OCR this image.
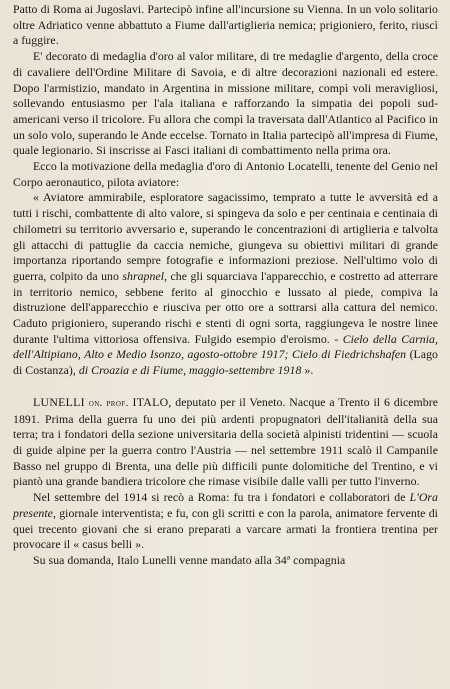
Patto di Roma ai Jugoslavi. Partecipò infine all'incursione su Vienna. In un volo solitario oltre Adriatico venne abbattuto a Fiume dall'artiglieria nemica; prigioniero, ferito, riuscì a fuggire.

E' decorato di medaglia d'oro al valor militare, di tre medaglie d'argento, della croce di cavaliere dell'Ordine Militare di Savoia, e di altre decorazioni nazionali ed estere. Dopo l'armistizio, mandato in Argentina in missione militare, compì voli meravigliosi, sollevando entusiasmo per l'ala italiana e rafforzando la simpatia dei popoli sud-americani verso il tricolore. Fu allora che compì la traversata dall'Atlantico al Pacifico in un solo volo, superando le Ande eccelse. Tornato in Italia partecipò all'impresa di Fiume, quale legionario. Si inscrisse ai Fasci italiani di combattimento nella prima ora.

Ecco la motivazione della medaglia d'oro di Antonio Locatelli, tenente del Genio nel Corpo aeronautico, pilota aviatore:

« Aviatore ammirabile, esploratore sagacissimo, temprato a tutte le avversità ed a tutti i rischi, combattente di alto valore, si spingeva da solo e per centinaia e centinaia di chilometri su territorio avversario e, superando le concentrazioni di artiglieria e talvolta gli attacchi di pattuglie da caccia nemiche, giungeva su obiettivi militari di grande importanza riportando sempre fotografie e informazioni preziose. Nell'ultimo volo di guerra, colpito da uno shrapnel, che gli squarciava l'apparecchio, e costretto ad atterrare in territorio nemico, sebbene ferito al ginocchio e lussato al piede, compiva la distruzione dell'apparecchio e riusciva per otto ore a sottrarsi alla cattura del nemico. Caduto prigioniero, superando rischi e stenti di ogni sorta, raggiungeva le nostre linee durante l'ultima vittoriosa offensiva. Fulgido esempio d'eroismo. - Cielo della Carnia, dell'Altipiano, Alto e Medio Isonzo, agosto-ottobre 1917; Cielo di Fiedrichshafen (Lago di Costanza), di Croazia e di Fiume, maggio-settembre 1918 ».

LUNELLI on. prof. ITALO, deputato per il Veneto. Nacque a Trento il 6 dicembre 1891. Prima della guerra fu uno dei più ardenti propugnatori dell'italianità della sua terra; tra i fondatori della sezione universitaria della società alpinisti tridentini — scuola di guide alpine per la guerra contro l'Austria — nel settembre 1911 scalò il Campanile Basso nel gruppo di Brenta, una delle più difficili punte dolomitiche del Trentino, e vi piantò una grande bandiera tricolore che rimase visibile dalle valli per tutto l'inverno.

Nel settembre del 1914 si recò a Roma: fu tra i fondatori e collaboratori de L'Ora presente, giornale interventista; e fu, con gli scritti e con la parola, animatore fervente di quei trecento giovani che si erano preparati a varcare armati la frontiera trentina per provocare il « casus belli ».

Su sua domanda, Italo Lunelli venne mandato alla 34ª compagnia
